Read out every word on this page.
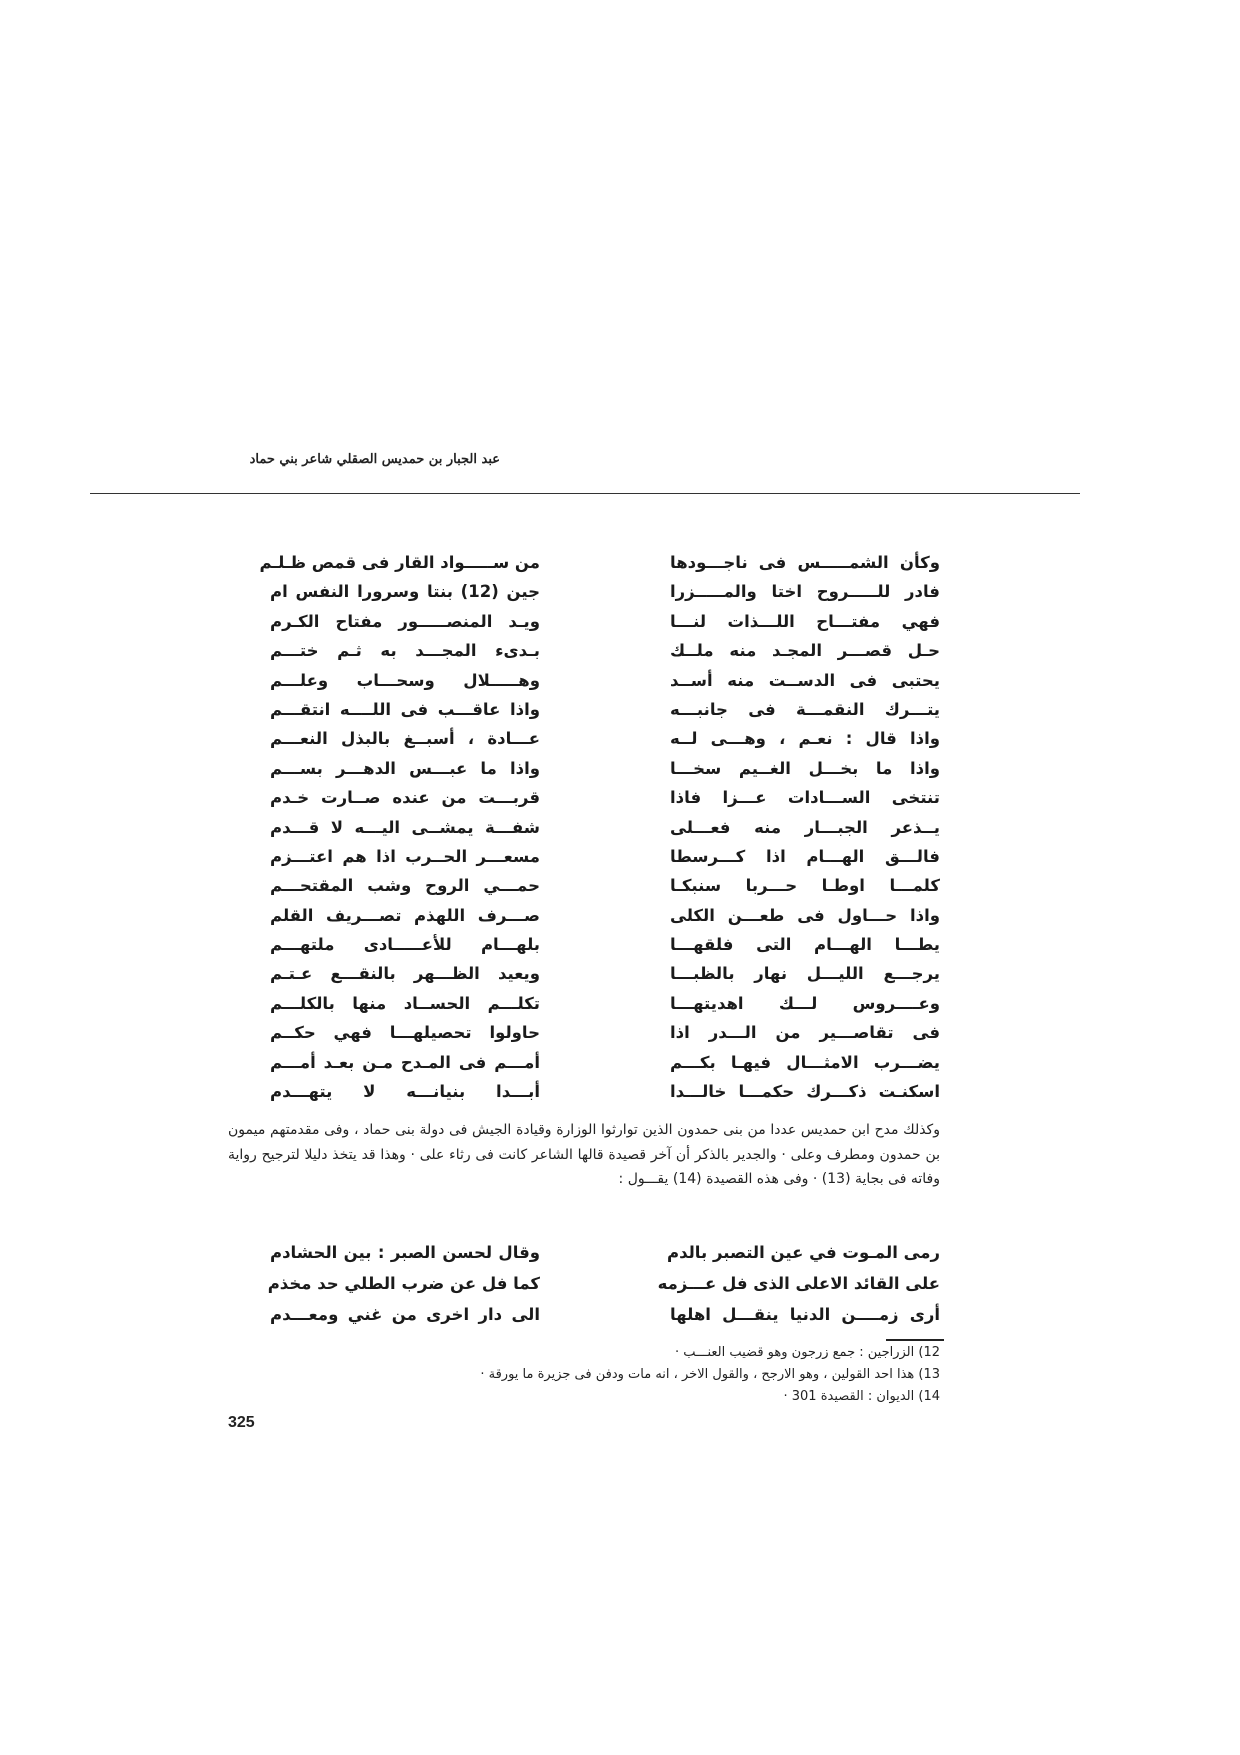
عبد الجبار بن حمديس الصقلي شاعر بني حماد
وكأن الشمـــــس فى ناجـــودها
من ســـــواد القار فى قمص ظـلـم
فادر للـــــروح اختا والمـــــزرا
جين (12) بنتا وسرورا النفس ام
فهي مفتـــاح اللـــذات لنـــا
ويـد المنصـــــور مفتاح الكـرم
حـل قصـــر المجـد منه ملــك
بـدىء المجـــد به ثـم ختـــم
يحتبى فى الدســت منه أســد
وهـــــلال وسحـــاب وعلـــم
يتـــرك النقمـــة فى جانبـــه
واذا عاقـــب فى اللــــه انتقـــم
واذا قال : نعـم ، وهـــى لــه
عـــادة ، أسبــغ بالبذل النعـــم
واذا ما بخـــل الغــيم سخـــا
واذا ما عبـــس الدهـــر بســـم
تنتخى الســـادات عـــزا فاذا
قربـــت من عنده صــارت خـدم
يــذعر الجبـــار منه فعـــلى
شفـــة يمشــى اليـــه لا قـــدم
فالـــق الهـــام اذا كـــرسطا
مسعـــر الحــرب اذا هم اعتـــزم
كلمـــا اوطـا حـــربا سنبكـا
حمـــي الروح وشب المقتحـــم
واذا حـــاول فى طعـــن الكلى
صـــرف اللهذم تصـــريف القلم
يطـــا الهـــام التى فلقهـــا
بلهـــام للأعـــــادى ملتهـــم
يرجـــع الليـــل نهار بالظبـــا
ويعيد الظـــهر بالنقـــع عـتـم
وعــــروس لـــك اهديتهـــا
تكلـــم الحســاد منها بالكلـــم
فى تقاصـــير من الـــدر اذا
حاولوا تحصيلهـــا فهي حكــم
يضـــرب الامثـــال فيهـا بكـــم
أمـــم فى المـدح مـن بعـد أمـــم
اسكنـت ذكـــرك حكمـــا خالـــدا
أبـــدا بنيانـــه لا يتهـــدم
وكذلك مدح ابن حمديس عددا من بنى حمدون الذين توارثوا الوزارة وقيادة الجيش فى دولة بنى حماد ، وفى مقدمتهم ميمون بن حمدون ومطرف وعلى · والجدير بالذكر أن آخر قصيدة قالها الشاعر كانت فى رثاء على · وهذا قد يتخذ دليلا لترجيح رواية وفاته فى بجاية (13) · وفى هذه القصيدة (14) يقـــول :
رمى المـوت في عين التصبر بالدم
وقال لحسن الصبر : بين الحشادم
على القائد الاعلى الذى فل عـــزمه
كما فل عن ضرب الطلي حد مخذم
أرى زمــــن الدنيا ينقـــل اهلها
الى دار اخرى من غني ومعـــدم
12) الزراجين : جمع زرجون وهو قضيب العنـــب ·
13) هذا احد القولين ، وهو الارجح ، والقول الاخر ، انه مات ودفن فى جزيرة ما يورقة ·
14) الديوان : القصيدة 301 ·
325
